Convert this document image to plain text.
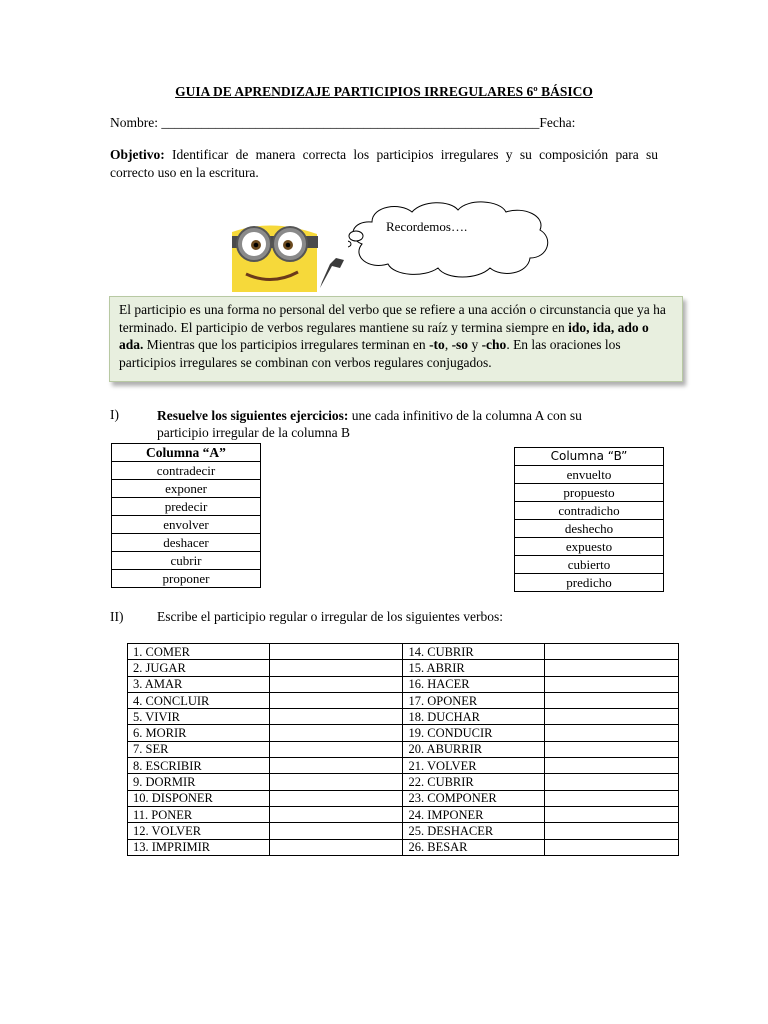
GUIA DE APRENDIZAJE PARTICIPIOS IRREGULARES 6º BÁSICO
Nombre: ________________________________________________________Fecha:
Objetivo: Identificar de manera correcta los participios irregulares y su composición para su correcto uso en la escritura.
Recordemos….
El participio es una forma no personal del verbo que se refiere a una acción o circunstancia que ya ha terminado. El participio de verbos regulares mantiene su raíz y termina siempre en ido, ida, ado o ada. Mientras que los participios irregulares terminan en -to, -so y -cho. En las oraciones los participios irregulares se combinan con verbos regulares conjugados.
I)	Resuelve los siguientes ejercicios: une cada infinitivo de la columna A con su participio irregular de la columna B
Columna “A”
contradecir
exponer
predecir
envolver
deshacer
cubrir
proponer
Columna “B”
envuelto
propuesto
contradicho
deshecho
expuesto
cubierto
predicho
II) Escribe el participio regular o irregular de los siguientes verbos:
1. COMER		14. CUBRIR	
2. JUGAR		15. ABRIR	
3. AMAR		16. HACER	
4. CONCLUIR		17. OPONER	
5. VIVIR		18. DUCHAR	
6. MORIR		19. CONDUCIR	
7. SER		20. ABURRIR	
8. ESCRIBIR		21. VOLVER	
9. DORMIR		22. CUBRIR	
10. DISPONER		23. COMPONER	
11. PONER		24. IMPONER	
12. VOLVER		25. DESHACER	
13. IMPRIMIR		26. BESAR	
